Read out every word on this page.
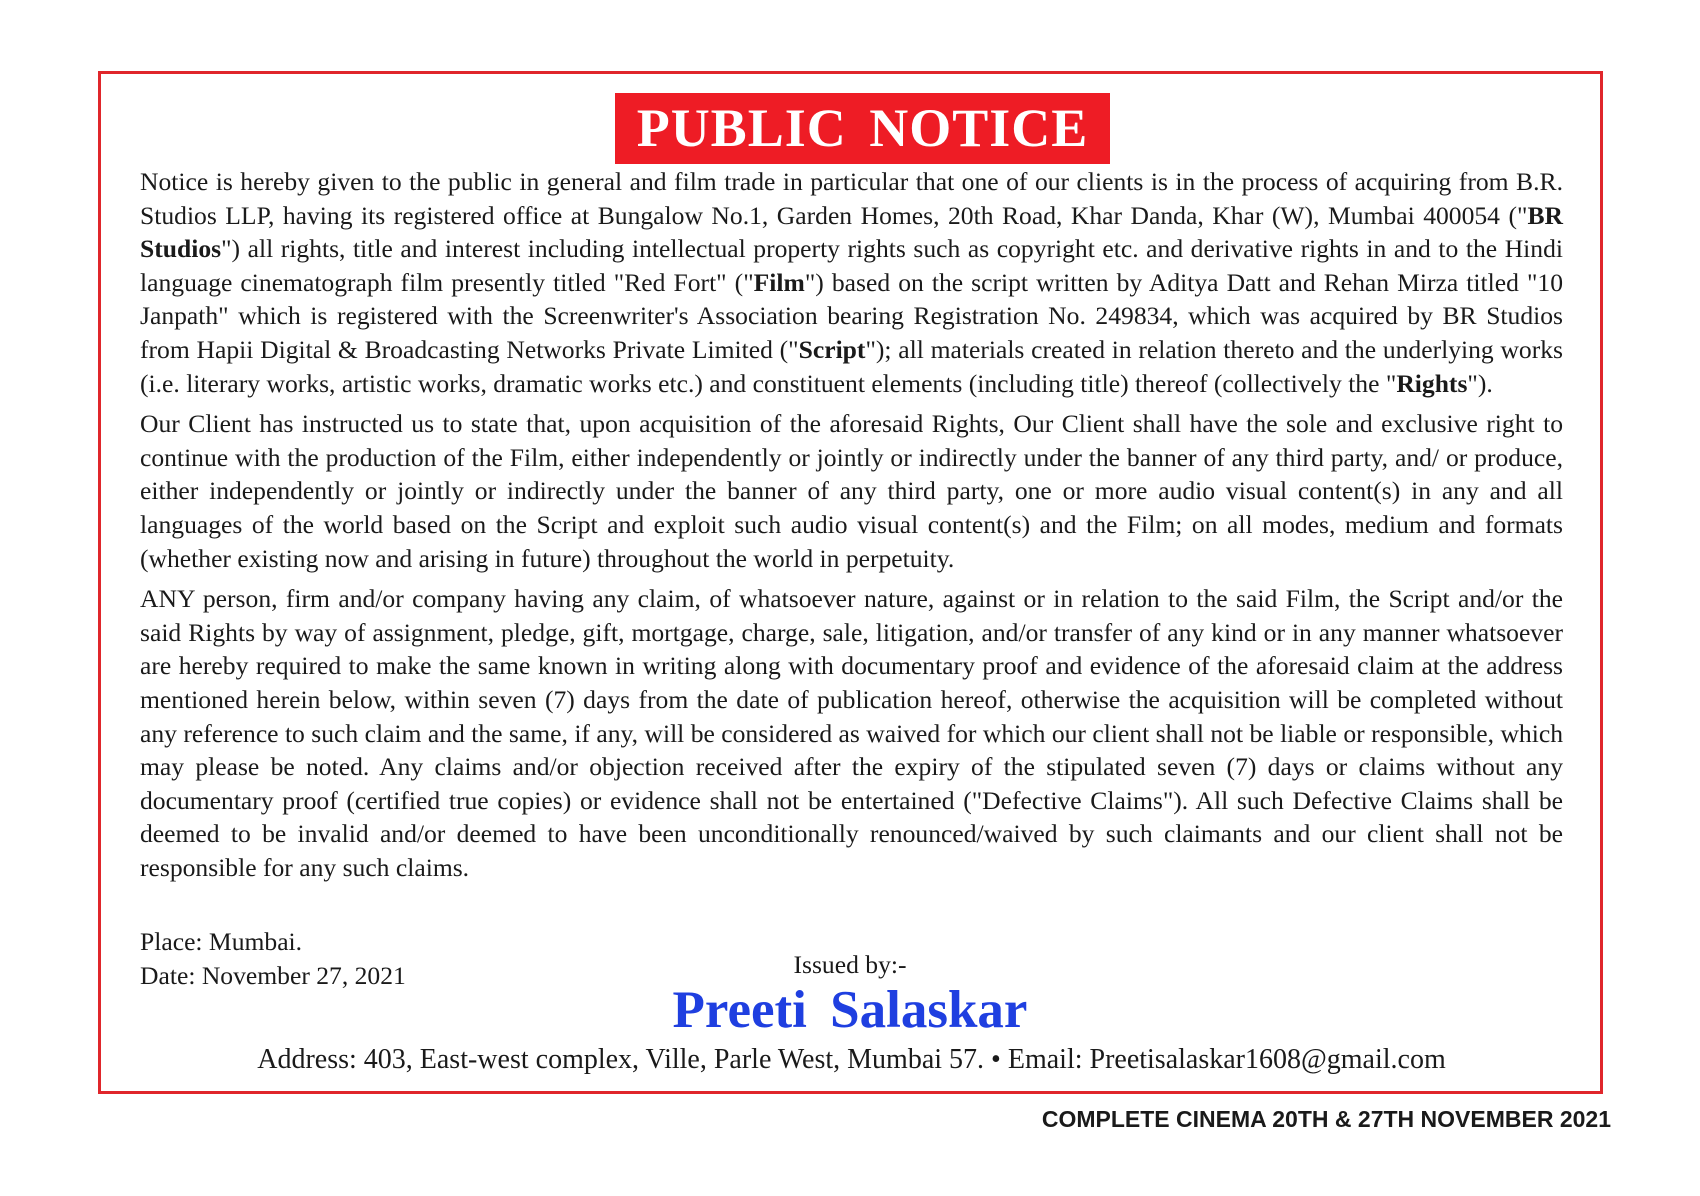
PUBLIC NOTICE

Notice is hereby given to the public in general and film trade in particular that one of our clients is in the process of acquiring from B.R. Studios LLP, having its registered office at Bungalow No.1, Garden Homes, 20th Road, Khar Danda, Khar (W), Mumbai 400054 ("BR Studios") all rights, title and interest including intellectual property rights such as copyright etc. and derivative rights in and to the Hindi language cinematograph film presently titled "Red Fort" ("Film") based on the script written by Aditya Datt and Rehan Mirza titled "10 Janpath" which is registered with the Screenwriter's Association bearing Registration No. 249834, which was acquired by BR Studios from Hapii Digital & Broadcasting Networks Private Limited ("Script"); all materials created in relation thereto and the underlying works (i.e. literary works, artistic works, dramatic works etc.) and constituent elements (including title) thereof (collectively the "Rights").

Our Client has instructed us to state that, upon acquisition of the aforesaid Rights, Our Client shall have the sole and exclusive right to continue with the production of the Film, either independently or jointly or indirectly under the banner of any third party, and/ or produce, either independently or jointly or indirectly under the banner of any third party, one or more audio visual content(s) in any and all languages of the world based on the Script and exploit such audio visual content(s) and the Film; on all modes, medium and formats (whether existing now and arising in future) throughout the world in perpetuity.

ANY person, firm and/or company having any claim, of whatsoever nature, against or in relation to the said Film, the Script and/or the said Rights by way of assignment, pledge, gift, mortgage, charge, sale, litigation, and/or transfer of any kind or in any manner whatsoever are hereby required to make the same known in writing along with documentary proof and evidence of the aforesaid claim at the address mentioned herein below, within seven (7) days from the date of publication hereof, otherwise the acquisition will be completed without any reference to such claim and the same, if any, will be considered as waived for which our client shall not be liable or responsible, which may please be noted. Any claims and/or objection received after the expiry of the stipulated seven (7) days or claims without any documentary proof (certified true copies) or evidence shall not be entertained ("Defective Claims"). All such Defective Claims shall be deemed to be invalid and/or deemed to have been unconditionally renounced/waived by such claimants and our client shall not be responsible for any such claims.

Place: Mumbai.
Date: November 27, 2021	Issued by:-
Preeti Salaskar
Address: 403, East-west complex, Ville, Parle West, Mumbai 57. • Email: Preetisalaskar1608@gmail.com
COMPLETE CINEMA 20TH & 27TH NOVEMBER 2021
